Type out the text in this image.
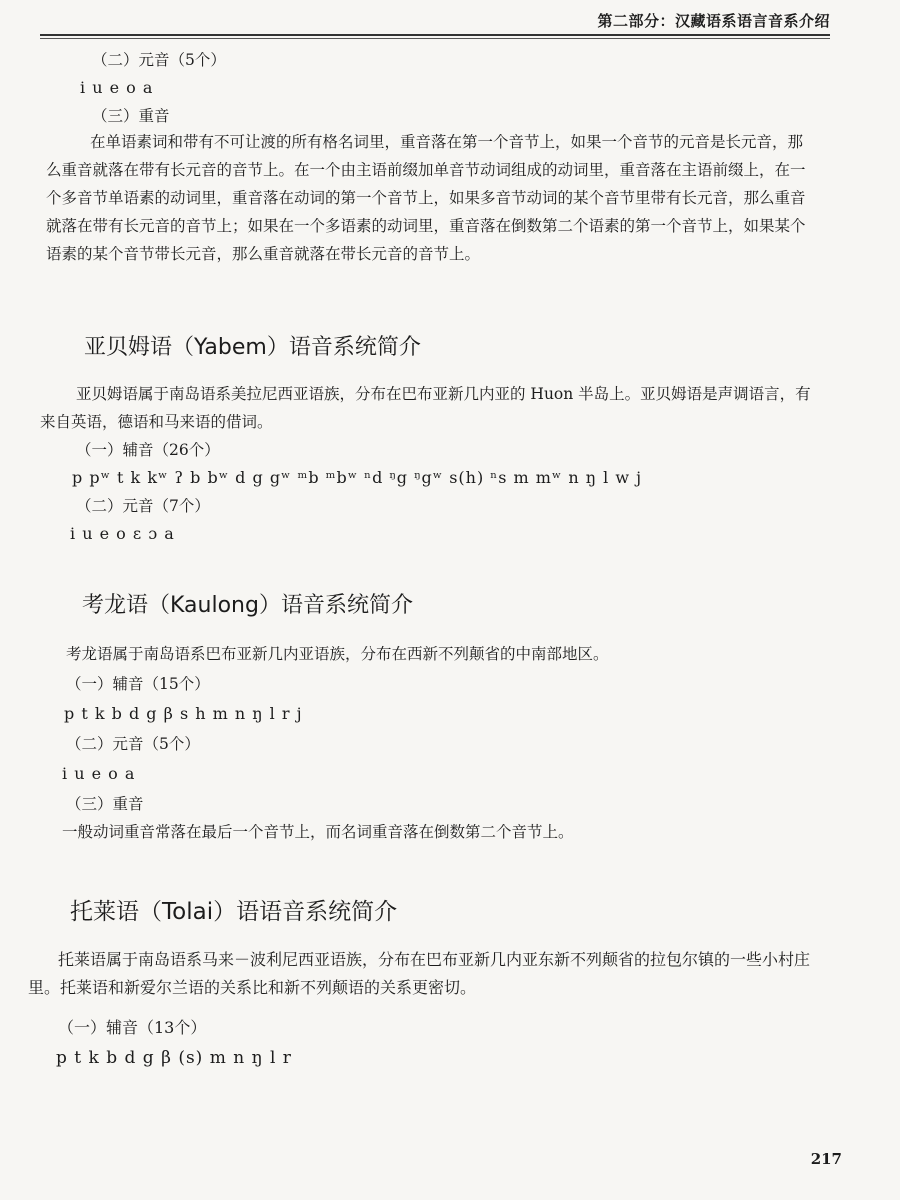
第二部分：汉藏语系语言音系介绍
（二）元音（5个）
i u e o a
（三）重音
在单语素词和带有不可让渡的所有格名词里，重音落在第一个音节上，如果一个音节的元音是长元音，那么重音就落在带有长元音的音节上。在一个由主语前缀加单音节动词组成的动词里，重音落在主语前缀上，在一个多音节单语素的动词里，重音落在动词的第一个音节上，如果多音节动词的某个音节里带有长元音，那么重音就落在带有长元音的音节上；如果在一个多语素的动词里，重音落在倒数第二个语素的第一个音节上，如果某个语素的某个音节带长元音，那么重音就落在带长元音的音节上。
亚贝姆语（Yabem）语音系统简介
亚贝姆语属于南岛语系美拉尼西亚语族，分布在巴布亚新几内亚的 Huon 半岛上。亚贝姆语是声调语言，有来自英语，德语和马来语的借词。
（一）辅音（26个）
p pʷ t k kʷ ʔ b bʷ d g gʷ ᵐb ᵐbʷ ⁿd ᵑg ᵑgʷ s(h) ⁿs m mʷ n ŋ l w j
（二）元音（7个）
i u e o ɛ ɔ a
考龙语（Kaulong）语音系统简介
考龙语属于南岛语系巴布亚新几内亚语族，分布在西新不列颠省的中南部地区。
（一）辅音（15个）
p t k b d g β s h m n ŋ l r j
（二）元音（5个）
i u e o a
（三）重音
一般动词重音常落在最后一个音节上，而名词重音落在倒数第二个音节上。
托莱语（Tolai）语语音系统简介
托莱语属于南岛语系马来－波利尼西亚语族，分布在巴布亚新几内亚东新不列颠省的拉包尔镇的一些小村庄里。托莱语和新爱尔兰语的关系比和新不列颠语的关系更密切。
（一）辅音（13个）
p t k b d g β (s) m n ŋ l r
217
